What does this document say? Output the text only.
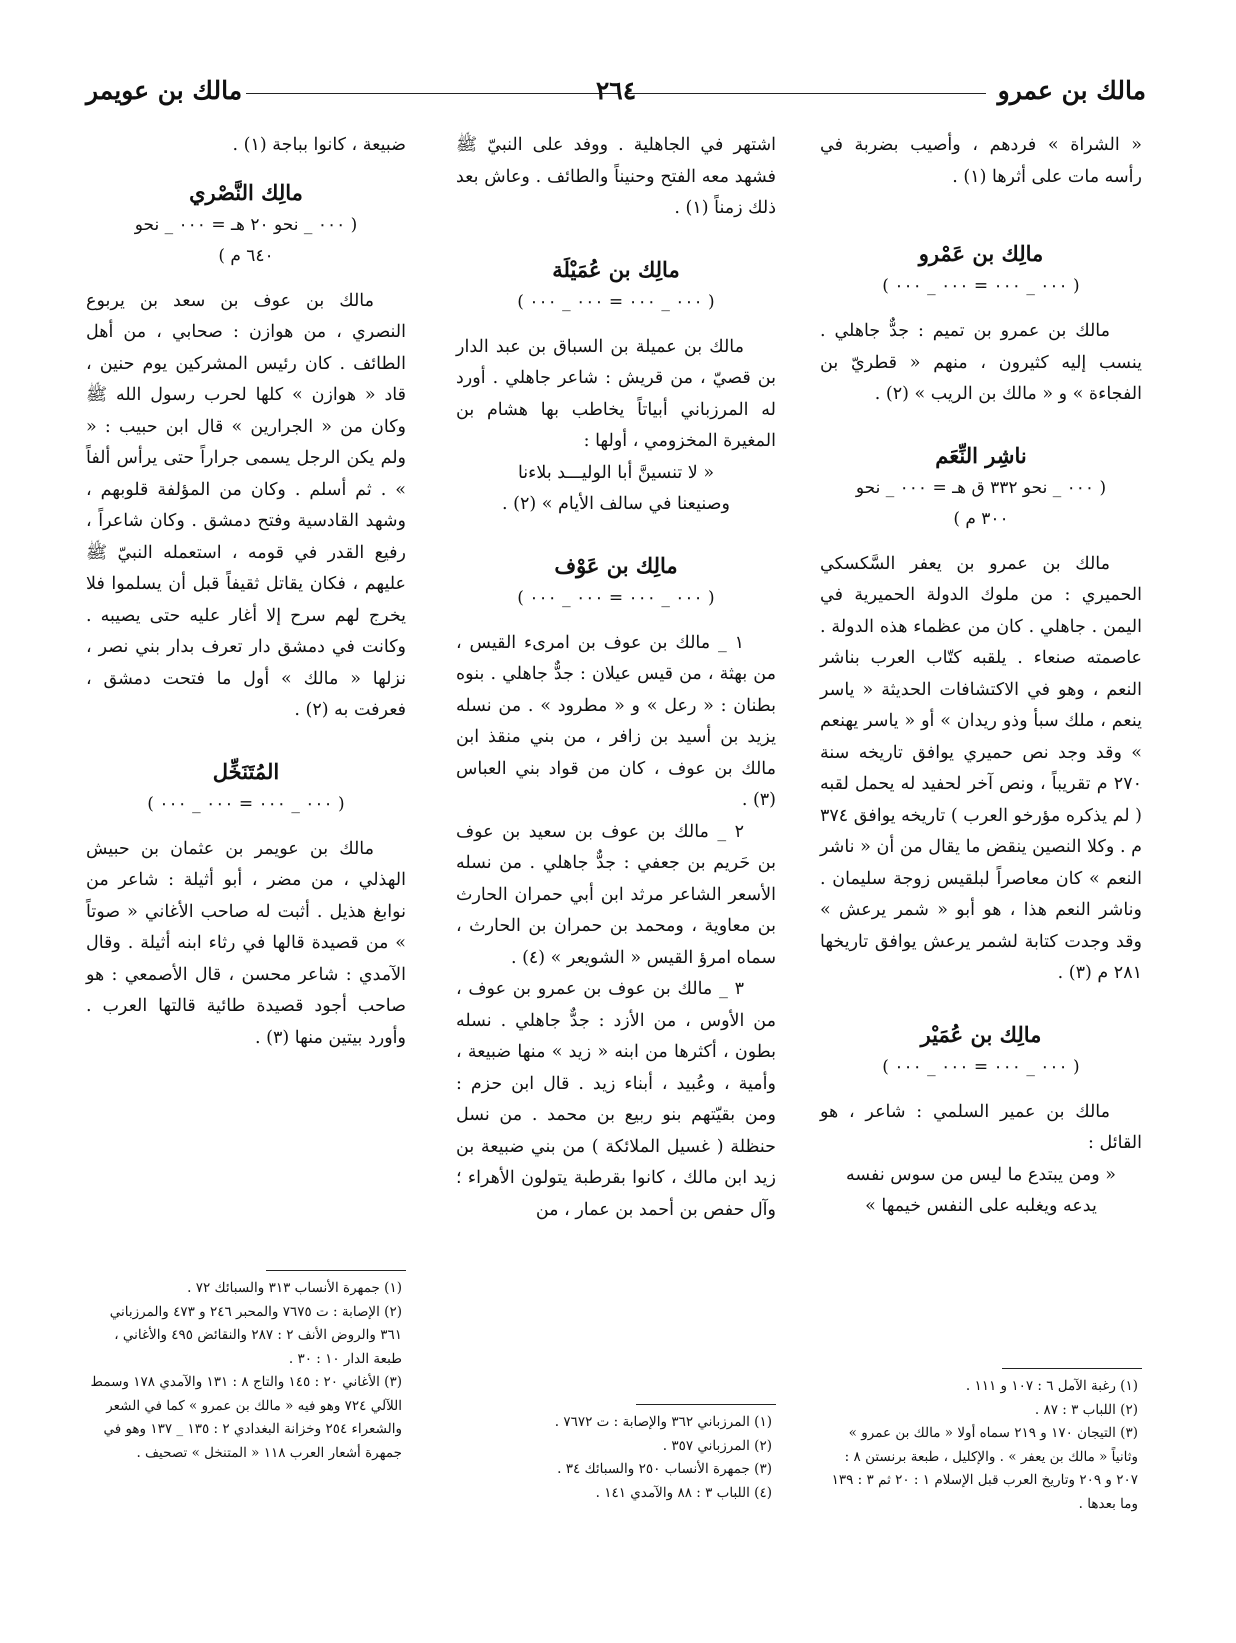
مالك بن عمرو
٢٦٤
مالك بن عويمر

« الشراة » فردهم ، وأصيب بضربة في رأسه مات على أثرها (١) .

مالِك بن عَمْرو

( ٠٠٠ _ ٠٠٠ = ٠٠٠ _ ٠٠٠ )

مالك بن عمرو بن تميم : جدٌّ جاهلي . ينسب إليه كثيرون ، منهم « قطريّ بن الفجاءة » و « مالك بن الريب » (٢) .

ناشِر النِّعَم

( ٠٠٠ _ نحو ٣٣٢ ق هـ = ٠٠٠ _ نحو

٣٠٠ م )

مالك بن عمرو بن يعفر السَّكسكي الحميري : من ملوك الدولة الحميرية في اليمن . جاهلي . كان من عظماء هذه الدولة . عاصمته صنعاء . يلقبه كتّاب العرب بناشر النعم ، وهو في الاكتشافات الحديثة « ياسر ينعم ، ملك سبأ وذو ريدان » أو « ياسر يهنعم » وقد وجد نص حميري يوافق تاريخه سنة ٢٧٠ م تقريباً ، ونص آخر لحفيد له يحمل لقبه ( لم يذكره مؤرخو العرب ) تاريخه يوافق ٣٧٤ م . وكلا النصين ينقض ما يقال من أن « ناشر النعم » كان معاصراً لبلقيس زوجة سليمان . وناشر النعم هذا ، هو أبو « شمر يرعش » وقد وجدت كتابة لشمر يرعش يوافق تاريخها ٢٨١ م (٣) .

مالِك بن عُمَيْر

( ٠٠٠ _ ٠٠٠ = ٠٠٠ _ ٠٠٠ )

مالك بن عمير السلمي : شاعر ، هو القائل :

« ومن يبتدع ما ليس من سوس نفسه

يدعه ويغلبه على النفس خيمها »

(١) رغبة الآمل ٦ : ١٠٧ و ١١١ .
(٢) اللباب ٣ : ٨٧ .
(٣) التيجان ١٧٠ و ٢١٩ سماه أولا « مالك بن عمرو » وثانياً « مالك بن يعفر » . والإكليل ، طبعة برنستن ٨ : ٢٠٧ و ٢٠٩ وتاريخ العرب قبل الإسلام ١ : ٢٠ ثم ٣ : ١٣٩ وما بعدها .

اشتهر في الجاهلية . ووفد على النبيّ ﷺ فشهد معه الفتح وحنيناً والطائف . وعاش بعد ذلك زمناً (١) .

مالِك بن عُمَيْلَة

( ٠٠٠ _ ٠٠٠ = ٠٠٠ _ ٠٠٠ )

مالك بن عميلة بن السباق بن عبد الدار بن قصيّ ، من قريش : شاعر جاهلي . أورد له المرزباني أبياتاً يخاطب بها هشام بن المغيرة المخزومي ، أولها :

« لا تنسينَّ أبا الوليـــد بلاءنا

وصنيعنا في سالف الأيام » (٢) .

مالِك بن عَوْف

( ٠٠٠ _ ٠٠٠ = ٠٠٠ _ ٠٠٠ )

١ _ مالك بن عوف بن امرىء القيس ، من بهثة ، من قيس عيلان : جدٌّ جاهلي . بنوه بطنان : « رعل » و « مطرود » . من نسله يزيد بن أسيد بن زافر ، من بني منقذ ابن مالك بن عوف ، كان من قواد بني العباس (٣) .

٢ _ مالك بن عوف بن سعيد بن عوف بن حَريم بن جعفي : جدٌّ جاهلي . من نسله الأسعر الشاعر مرثد ابن أبي حمران الحارث بن معاوية ، ومحمد بن حمران بن الحارث ، سماه امرؤ القيس « الشويعر » (٤) .

٣ _ مالك بن عوف بن عمرو بن عوف ، من الأوس ، من الأزد : جدٌّ جاهلي . نسله بطون ، أكثرها من ابنه « زيد » منها ضبيعة ، وأمية ، وعُبيد ، أبناء زيد . قال ابن حزم : ومن بقيّتهم بنو ربيع بن محمد . من نسل حنظلة ( غسيل الملائكة ) من بني ضبيعة بن زيد ابن مالك ، كانوا بقرطبة يتولون الأهراء ؛ وآل حفص بن أحمد بن عمار ، من

(١) المرزباني ٣٦٢ والإصابة : ت ٧٦٧٢ .
(٢) المرزباني ٣٥٧ .
(٣) جمهرة الأنساب ٢٥٠ والسبائك ٣٤ .
(٤) اللباب ٣ : ٨٨ والآمدي ١٤١ .

ضبيعة ، كانوا بباجة (١) .

مالِك النَّصْري

( ٠٠٠ _ نحو ٢٠ هـ = ٠٠٠ _ نحو

٦٤٠ م )

مالك بن عوف بن سعد بن يربوع النصري ، من هوازن : صحابي ، من أهل الطائف . كان رئيس المشركين يوم حنين ، قاد « هوازن » كلها لحرب رسول الله ﷺ وكان من « الجرارين » قال ابن حبيب : « ولم يكن الرجل يسمى جراراً حتى يرأس ألفاً » . ثم أسلم . وكان من المؤلفة قلوبهم ، وشهد القادسية وفتح دمشق . وكان شاعراً ، رفيع القدر في قومه ، استعمله النبيّ ﷺ عليهم ، فكان يقاتل ثقيفاً قبل أن يسلموا فلا يخرج لهم سرح إلا أغار عليه حتى يصيبه . وكانت في دمشق دار تعرف بدار بني نصر ، نزلها « مالك » أول ما فتحت دمشق ، فعرفت به (٢) .

المُتَنَخِّل

( ٠٠٠ _ ٠٠٠ = ٠٠٠ _ ٠٠٠ )

مالك بن عويمر بن عثمان بن حبيش الهذلي ، من مضر ، أبو أثيلة : شاعر من نوابغ هذيل . أثبت له صاحب الأغاني « صوتاً » من قصيدة قالها في رثاء ابنه أثيلة . وقال الآمدي : شاعر محسن ، قال الأصمعي : هو صاحب أجود قصيدة طائية قالتها العرب . وأورد بيتين منها (٣) .

(١) جمهرة الأنساب ٣١٣ والسبائك ٧٢ .
(٢) الإصابة : ت ٧٦٧٥ والمحبر ٢٤٦ و ٤٧٣ والمرزباني ٣٦١ والروض الأنف ٢ : ٢٨٧ والنقائض ٤٩٥ والأغاني ، طبعة الدار ١٠ : ٣٠ .
(٣) الأغاني ٢٠ : ١٤٥ والتاج ٨ : ١٣١ والآمدي ١٧٨ وسمط اللآلي ٧٢٤ وهو فيه « مالك بن عمرو » كما في الشعر والشعراء ٢٥٤ وخزانة البغدادي ٢ : ١٣٥ _ ١٣٧ وهو في جمهرة أشعار العرب ١١٨ « المتنخل » تصحيف .
